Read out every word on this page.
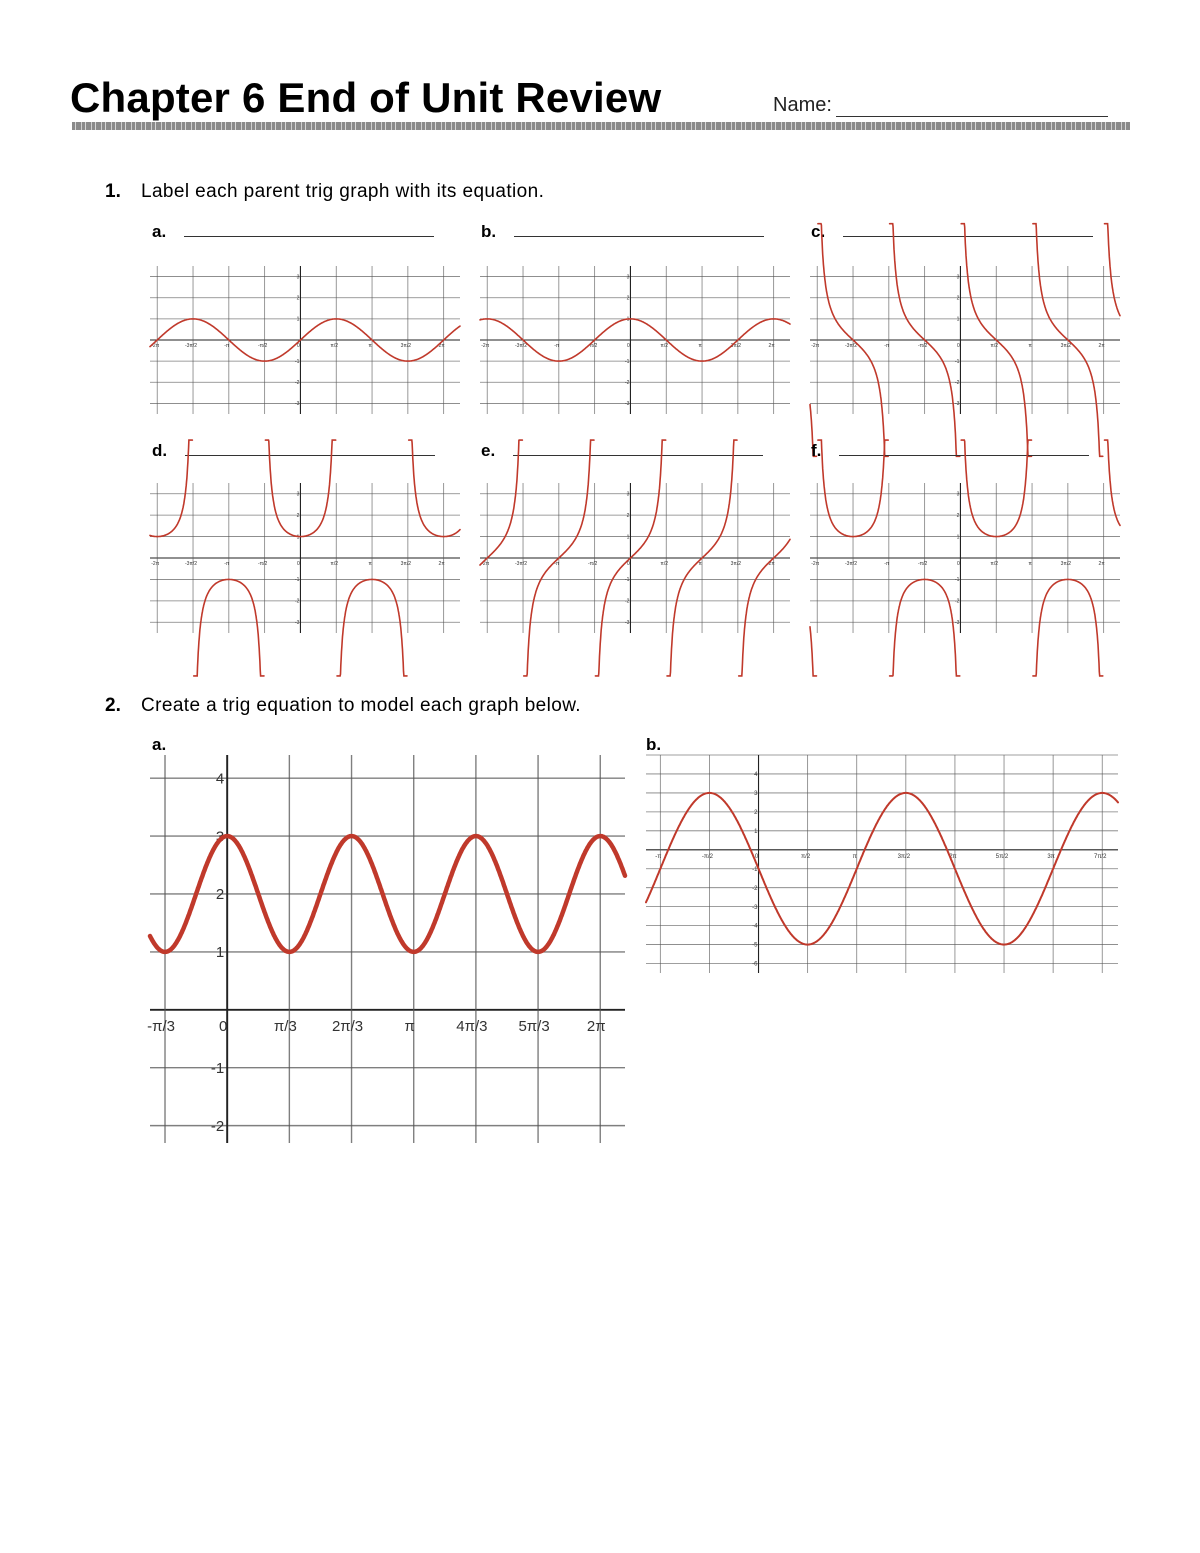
Chapter 6 End of Unit Review	Name:
1. Label each parent trig graph with its equation.
a.	b.	c.
-2π	-3π/2	-π	-π/2	0	π/2	π	3π/2	2π
3
2
1
-1
-2
-3
-2π	-3π/2	-π	-π/2	0	π/2	π	3π/2	2π
3
2
1
-1
-2
-3
-2π	-3π/2	-π	-π/2	0	π/2	π	3π/2	2π
3
2
1
-1
-2
-3
d.	e.	f.
-2π	-3π/2	-π	-π/2	0	π/2	π	3π/2	2π
3
2
1
-1
-2
-3
-2π	-3π/2	-π	-π/2	0	π/2	π	3π/2	2π
3
2
1
-1
-2
-3
-2π	-3π/2	-π	-π/2	0	π/2	π	3π/2	2π
3
2
1
-1
-2
-3
2. Create a trig equation to model each graph below.
a.	b.
-π/3	0	π/3 2π/3	π	4π/3 5π/3 2π
4
3
2
1
-1
-2
-π	-π/2	0	π/2	π	3π/2	2π	5π/2	3π	7π/2
4
3
2
1
-1
-2
-3
-4
-5
-6
